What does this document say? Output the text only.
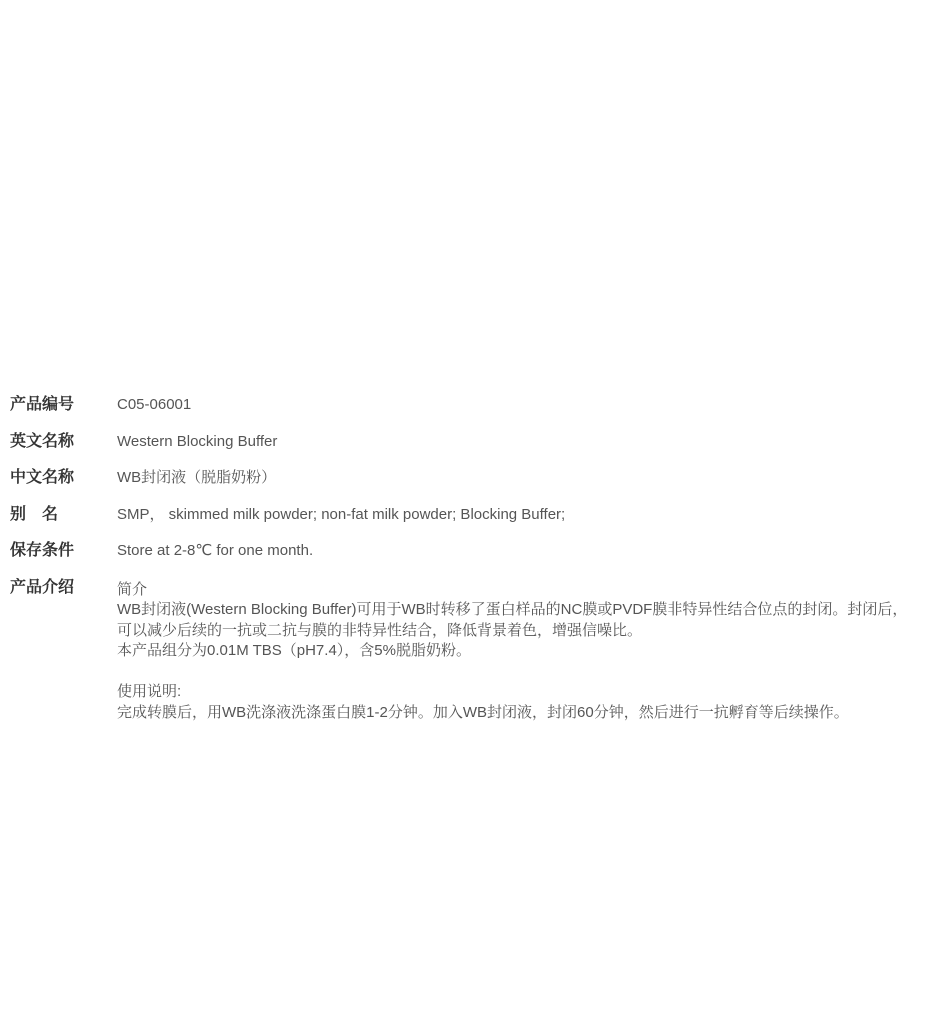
产品编号	C05-06001
英文名称	Western Blocking Buffer
中文名称	WB封闭液（脱脂奶粉）
别　名	SMP， skimmed milk powder; non-fat milk powder; Blocking Buffer;
保存条件	Store at 2-8℃ for one month.
产品介绍	简介
WB封闭液(Western Blocking Buffer)可用于WB时转移了蛋白样品的NC膜或PVDF膜非特异性结合位点的封闭。封闭后，
可以减少后续的一抗或二抗与膜的非特异性结合，降低背景着色，增强信噪比。
本产品组分为0.01M TBS（pH7.4），含5%脱脂奶粉。
使用说明:
完成转膜后，用WB洗涤液洗涤蛋白膜1-2分钟。加入WB封闭液，封闭60分钟，然后进行一抗孵育等后续操作。
